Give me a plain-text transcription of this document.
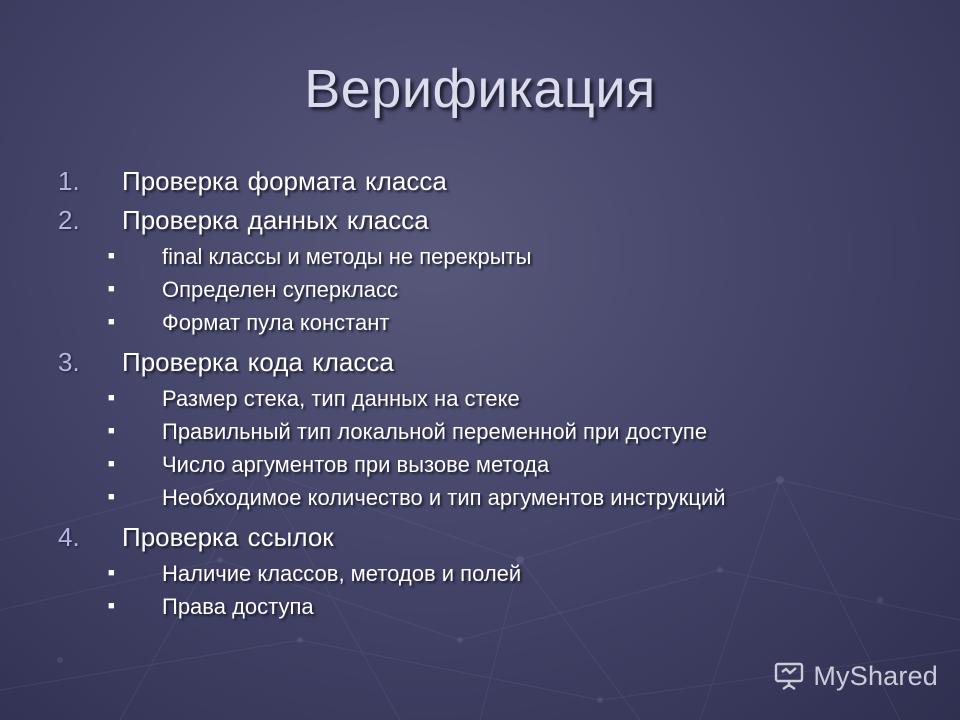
Верификация
1.	Проверка формата класса
2.	Проверка данных класса
■	final классы и методы не перекрыты
■	Определен суперкласс
■	Формат пула констант
3.	Проверка кода класса
■	Размер стека, тип данных на стеке
■	Правильный тип локальной переменной при доступе
■	Число аргументов при вызове метода
■	Необходимое количество и тип аргументов инструкций
4.	Проверка ссылок
■	Наличие классов, методов и полей
■	Права доступа
MyShared
